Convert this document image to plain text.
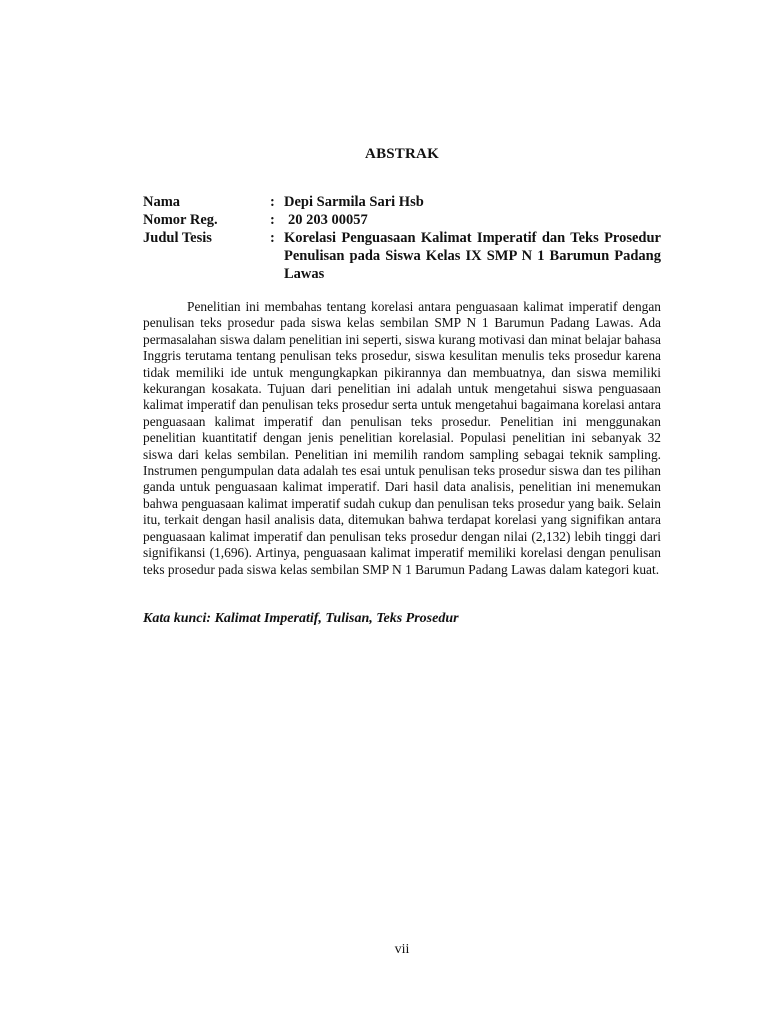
ABSTRAK
Nama	: Depi Sarmila Sari Hsb
Nomor Reg.	: 20 203 00057
Judul Tesis	: Korelasi Penguasaan Kalimat Imperatif dan Teks Prosedur Penulisan pada Siswa Kelas IX SMP N 1 Barumun Padang Lawas

Penelitian ini membahas tentang korelasi antara penguasaan kalimat imperatif dengan penulisan teks prosedur pada siswa kelas sembilan SMP N 1 Barumun Padang Lawas. Ada permasalahan siswa dalam penelitian ini seperti, siswa kurang motivasi dan minat belajar bahasa Inggris terutama tentang penulisan teks prosedur, siswa kesulitan menulis teks prosedur karena tidak memiliki ide untuk mengungkapkan pikirannya dan membuatnya, dan siswa memiliki kekurangan kosakata. Tujuan dari penelitian ini adalah untuk mengetahui siswa penguasaan kalimat imperatif dan penulisan teks prosedur serta untuk mengetahui bagaimana korelasi antara penguasaan kalimat imperatif dan penulisan teks prosedur. Penelitian ini menggunakan penelitian kuantitatif dengan jenis penelitian korelasial. Populasi penelitian ini sebanyak 32 siswa dari kelas sembilan. Penelitian ini memilih random sampling sebagai teknik sampling. Instrumen pengumpulan data adalah tes esai untuk penulisan teks prosedur siswa dan tes pilihan ganda untuk penguasaan kalimat imperatif. Dari hasil data analisis, penelitian ini menemukan bahwa penguasaan kalimat imperatif sudah cukup dan penulisan teks prosedur yang baik. Selain itu, terkait dengan hasil analisis data, ditemukan bahwa terdapat korelasi yang signifikan antara penguasaan kalimat imperatif dan penulisan teks prosedur dengan nilai (2,132) lebih tinggi dari signifikansi (1,696). Artinya, penguasaan kalimat imperatif memiliki korelasi dengan penulisan teks prosedur pada siswa kelas sembilan SMP N 1 Barumun Padang Lawas dalam kategori kuat.

Kata kunci: Kalimat Imperatif, Tulisan, Teks Prosedur
vii
